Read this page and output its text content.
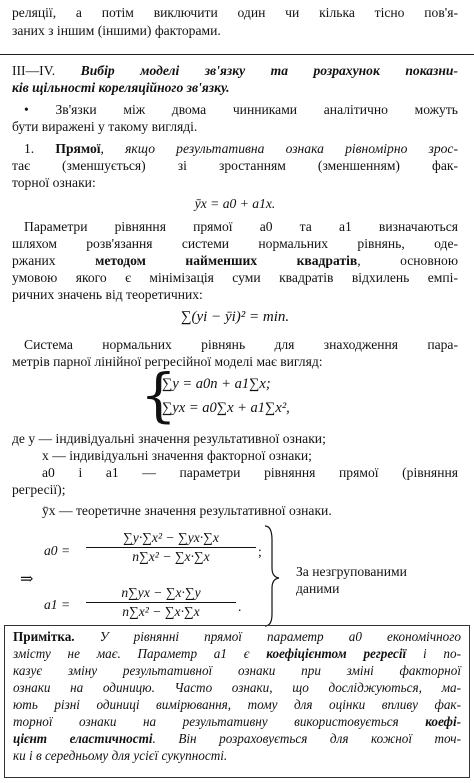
реляції, а потім виключити один чи кілька тісно пов'я-
заних з іншим (іншими) факторами.
III—IV. Вибір моделі зв'язку та розрахунок показни-
ків щільності кореляційного зв'язку.
• Зв'язки між двома чинниками аналітично можуть
бути виражені у такому вигляді.
1. Прямої, якщо результативна ознака рівномірно зрос-
тає (зменшується) зі зростанням (зменшенням) фак-
торної ознаки:
ȳx = a0 + a1x.
Параметри рівняння прямої a0 та a1 визначаються
шляхом розв'язання системи нормальних рівнянь, оде-
ржаних методом найменших квадратів, основною
умовою якого є мінімізація суми квадратів відхилень емпі-
ричних значень від теоретичних:
∑(yi − ȳi)² = min.
Система нормальних рівнянь для знаходження пара-
метрів парної лінійної регресійної моделі має вигляд:
{
∑y = a0n + a1∑x;
∑yx = a0∑x + a1∑x²,
де y — індивідуальні значення результативної ознаки;
x — індивідуальні значення факторної ознаки;
a0 і a1 — параметри рівняння прямої (рівняння
регресії);
ȳx — теоретичне значення результативної ознаки.
a0 =	$\frac{\text{∑y·∑x² − ∑yx·∑x}}{\text{n∑x² − ∑x·∑x}}$ ;
⇒
a1 =	$\frac{n\sum yx - \sum x\cdot\sum y}{\text{n∑x² − ∑x·∑x}}$ .
За незгрупованими
даними
Примітка. У рівнянні прямої параметр a0 економічного
змісту не має. Параметр a1 є коефіцієнтом регресії і по-
казує зміну результативної ознаки при зміні факторної
ознаки на одиницю. Часто ознаки, що досліджуються, ма-
ють різні одиниці вимірювання, тому для оцінки впливу фак-
торної ознаки на результативну використовується коефі-
цієнт еластичності. Він розраховується для кожної точ-
ки і в середньому для усієї сукупності.
